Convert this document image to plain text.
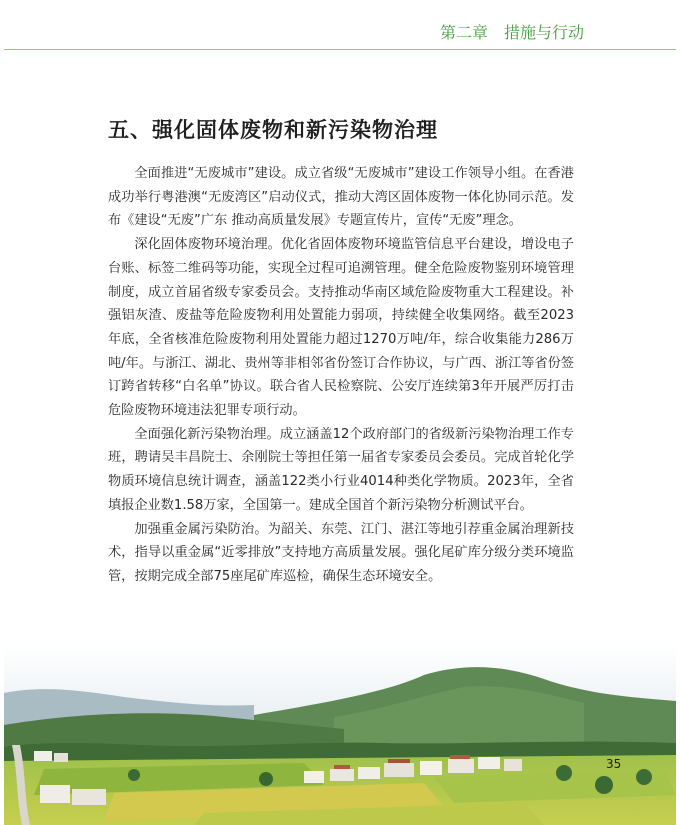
第二章 措施与行动
五、强化固体废物和新污染物治理

全面推进“无废城市”建设。成立省级“无废城市”建设工作领导小组。在香港成功举行粤港澳“无废湾区”启动仪式，推动大湾区固体废物一体化协同示范。发布《建设“无废”广东 推动高质量发展》专题宣传片，宣传“无废”理念。

深化固体废物环境治理。优化省固体废物环境监管信息平台建设，增设电子台账、标签二维码等功能，实现全过程可追溯管理。健全危险废物鉴别环境管理制度，成立首届省级专家委员会。支持推动华南区域危险废物重大工程建设。补强铝灰渣、废盐等危险废物利用处置能力弱项，持续健全收集网络。截至2023年底，全省核准危险废物利用处置能力超过1270万吨/年，综合收集能力286万吨/年。与浙江、湖北、贵州等非相邻省份签订合作协议，与广西、浙江等省份签订跨省转移“白名单”协议。联合省人民检察院、公安厅连续第3年开展严厉打击危险废物环境违法犯罪专项行动。

全面强化新污染物治理。成立涵盖12个政府部门的省级新污染物治理工作专班，聘请吴丰昌院士、余刚院士等担任第一届省专家委员会委员。完成首轮化学物质环境信息统计调查，涵盖122类小行业4014种类化学物质。2023年，全省填报企业数1.58万家，全国第一。建成全国首个新污染物分析测试平台。

加强重金属污染防治。为韶关、东莞、江门、湛江等地引荐重金属治理新技术，指导以重金属“近零排放”支持地方高质量发展。强化尾矿库分级分类环境监管，按期完成全部75座尾矿库巡检，确保生态环境安全。

35
